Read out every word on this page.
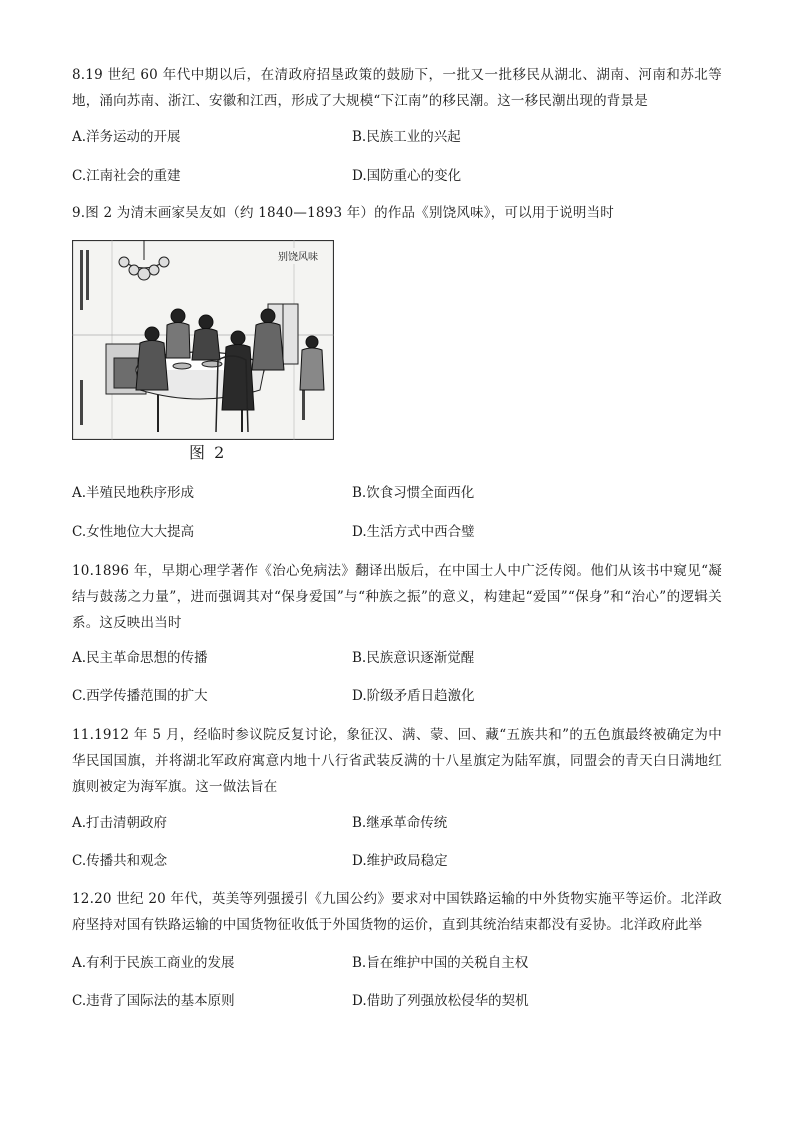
8.19 世纪 60 年代中期以后，在清政府招垦政策的鼓励下，一批又一批移民从湖北、湖南、河南和苏北等地，涌向苏南、浙江、安徽和江西，形成了大规模“下江南”的移民潮。这一移民潮出现的背景是
A.洋务运动的开展	B.民族工业的兴起
C.江南社会的重建	D.国防重心的变化
9.图 2 为清末画家吴友如（约 1840—1893 年）的作品《别饶风味》，可以用于说明当时
别饶风味
图 2
A.半殖民地秩序形成	B.饮食习惯全面西化
C.女性地位大大提高	D.生活方式中西合璧
10.1896 年，早期心理学著作《治心免病法》翻译出版后，在中国士人中广泛传阅。他们从该书中窥见“凝结与鼓荡之力量”，进而强调其对“保身爱国”与“种族之振”的意义，构建起“爱国”“保身”和“治心”的逻辑关系。这反映出当时
A.民主革命思想的传播	B.民族意识逐渐觉醒
C.西学传播范围的扩大	D.阶级矛盾日趋激化
11.1912 年 5 月，经临时参议院反复讨论，象征汉、满、蒙、回、藏“五族共和”的五色旗最终被确定为中华民国国旗，并将湖北军政府寓意内地十八行省武装反满的十八星旗定为陆军旗，同盟会的青天白日满地红旗则被定为海军旗。这一做法旨在
A.打击清朝政府	B.继承革命传统
C.传播共和观念	D.维护政局稳定
12.20 世纪 20 年代，英美等列强援引《九国公约》要求对中国铁路运输的中外货物实施平等运价。北洋政府坚持对国有铁路运输的中国货物征收低于外国货物的运价，直到其统治结束都没有妥协。北洋政府此举
A.有利于民族工商业的发展	B.旨在维护中国的关税自主权
C.违背了国际法的基本原则	D.借助了列强放松侵华的契机
